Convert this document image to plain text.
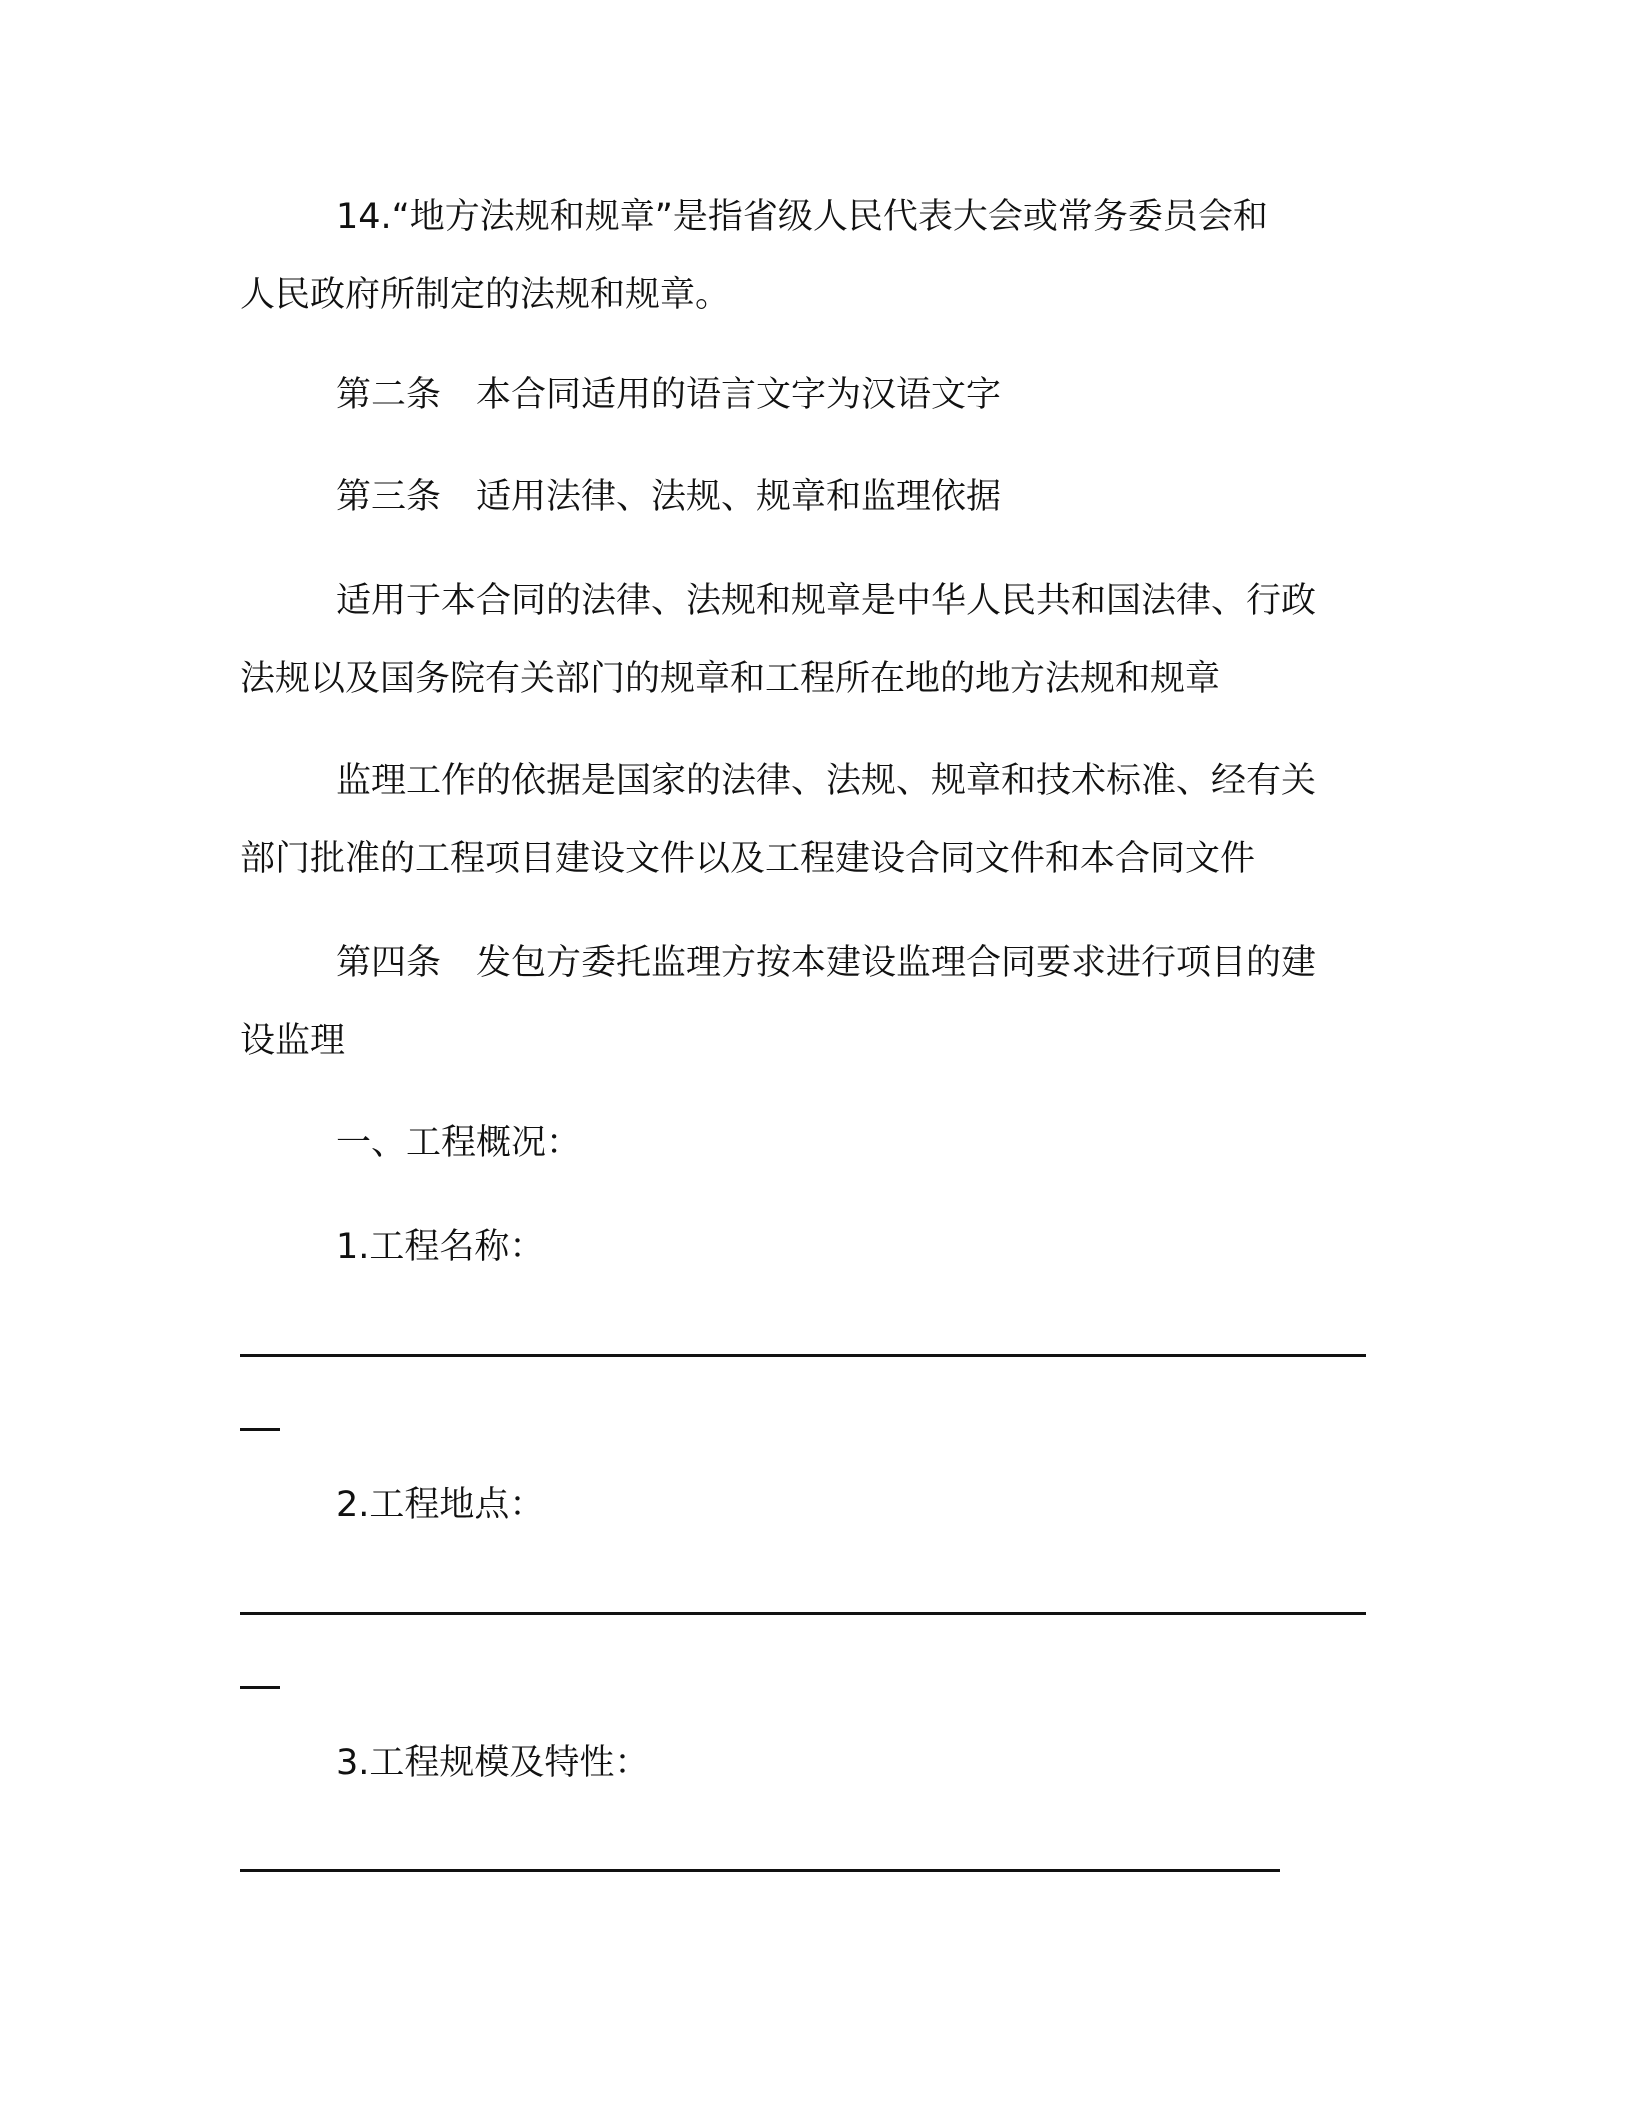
14.“地方法规和规章”是指省级人民代表大会或常务委员会和
人民政府所制定的法规和规章。
第二条　本合同适用的语言文字为汉语文字
第三条　适用法律、法规、规章和监理依据
适用于本合同的法律、法规和规章是中华人民共和国法律、行政
法规以及国务院有关部门的规章和工程所在地的地方法规和规章
监理工作的依据是国家的法律、法规、规章和技术标准、经有关
部门批准的工程项目建设文件以及工程建设合同文件和本合同文件
第四条　发包方委托监理方按本建设监理合同要求进行项目的建
设监理
一、工程概况：
1.工程名称：
2.工程地点：
3.工程规模及特性：
